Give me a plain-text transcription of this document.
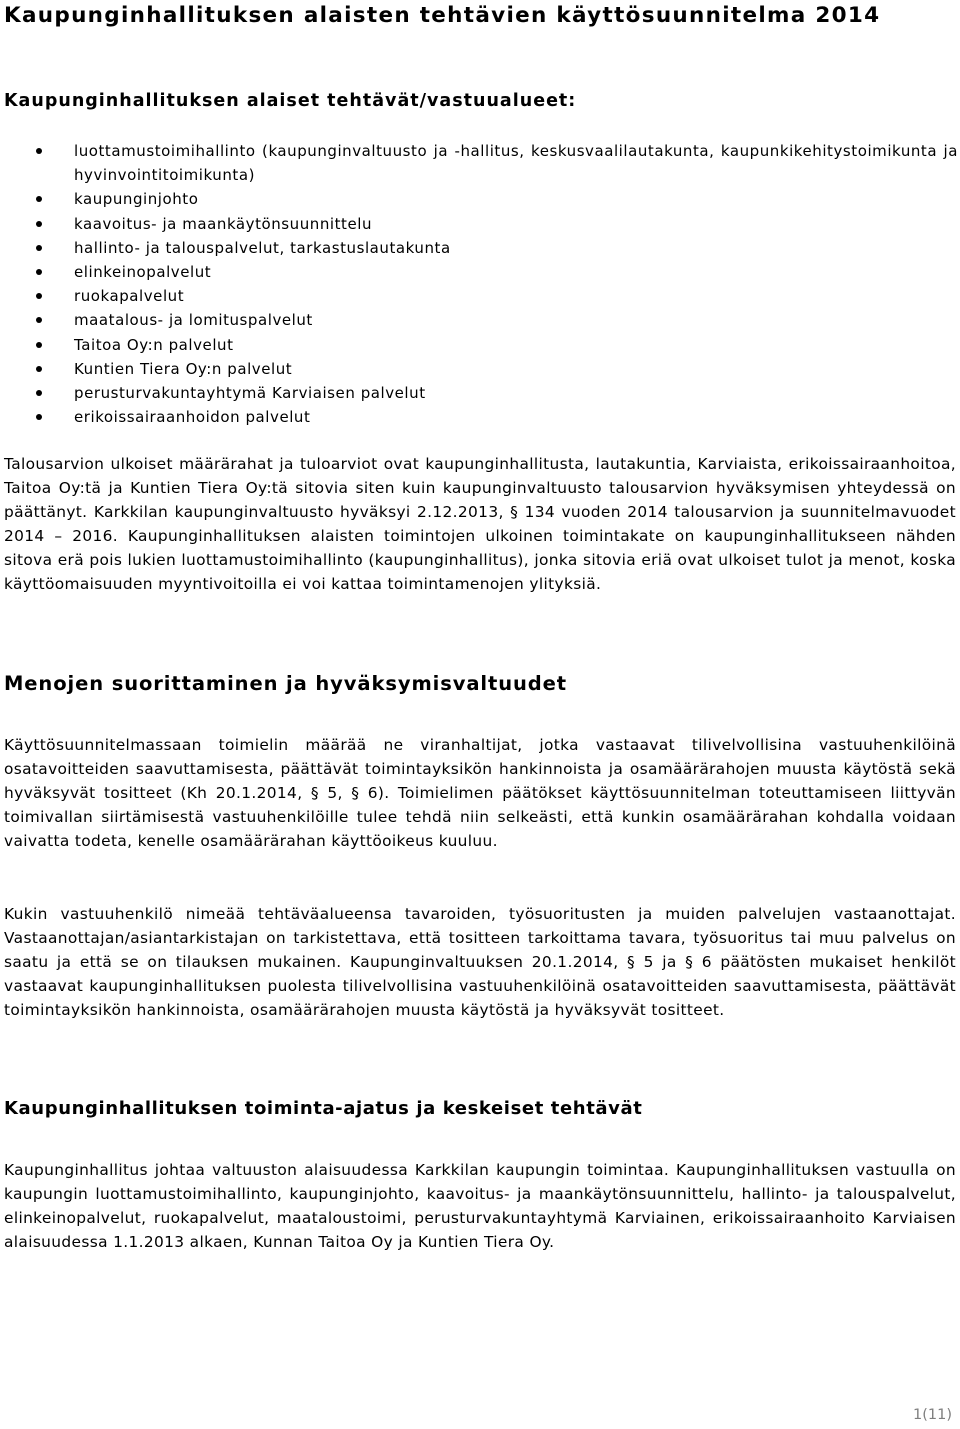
Kaupunginhallituksen alaisten tehtävien käyttösuunnitelma 2014
Kaupunginhallituksen alaiset tehtävät/vastuualueet:
luottamustoimihallinto (kaupunginvaltuusto ja -hallitus, keskusvaalilautakunta, kaupunkikehitystoimikunta ja hyvinvointitoimikunta)
kaupunginjohto
kaavoitus- ja maankäytönsuunnittelu
hallinto- ja talouspalvelut, tarkastuslautakunta
elinkeinopalvelut
ruokapalvelut
maatalous- ja lomituspalvelut
Taitoa Oy:n palvelut
Kuntien Tiera Oy:n palvelut
perusturvakuntayhtymä Karviaisen palvelut
erikoissairaanhoidon palvelut

Talousarvion ulkoiset määrärahat ja tuloarviot ovat kaupunginhallitusta, lautakuntia, Karviaista, erikoissairaanhoitoa, Taitoa Oy:tä ja Kuntien Tiera Oy:tä sitovia siten kuin kaupunginvaltuusto talousarvion hyväksymisen yhteydessä on päättänyt. Karkkilan kaupunginvaltuusto hyväksyi 2.12.2013, § 134 vuoden 2014 talousarvion ja suunnitelmavuodet 2014 – 2016. Kaupunginhallituksen alaisten toimintojen ulkoinen toimintakate on kaupunginhallitukseen nähden sitova erä pois lukien luottamustoimihallinto (kaupunginhallitus), jonka sitovia eriä ovat ulkoiset tulot ja menot, koska käyttöomaisuuden myyntivoitoilla ei voi kattaa toimintamenojen ylityksiä.

Menojen suorittaminen ja hyväksymisvaltuudet

Käyttösuunnitelmassaan toimielin määrää ne viranhaltijat, jotka vastaavat tilivelvollisina vastuuhenkilöinä osatavoitteiden saavuttamisesta, päättävät toimintayksikön hankinnoista ja osamäärärahojen muusta käytöstä sekä hyväksyvät tositteet (Kh 20.1.2014, § 5, § 6). Toimielimen päätökset käyttösuunnitelman toteuttamiseen liittyvän toimivallan siirtämisestä vastuuhenkilöille tulee tehdä niin selkeästi, että kunkin osamäärärahan kohdalla voidaan vaivatta todeta, kenelle osamäärärahan käyttöoikeus kuuluu.

Kukin vastuuhenkilö nimeää tehtäväalueensa tavaroiden, työsuoritusten ja muiden palvelujen vastaanottajat. Vastaanottajan/asiantarkistajan on tarkistettava, että tositteen tarkoittama tavara, työsuoritus tai muu palvelus on saatu ja että se on tilauksen mukainen. Kaupunginvaltuuksen 20.1.2014, § 5 ja § 6 päätösten mukaiset henkilöt vastaavat kaupunginhallituksen puolesta tilivelvollisina vastuuhenkilöinä osatavoitteiden saavuttamisesta, päättävät toimintayksikön hankinnoista, osamäärärahojen muusta käytöstä ja hyväksyvät tositteet.

Kaupunginhallituksen toiminta-ajatus ja keskeiset tehtävät

Kaupunginhallitus johtaa valtuuston alaisuudessa Karkkilan kaupungin toimintaa. Kaupunginhallituksen vastuulla on kaupungin luottamustoimihallinto, kaupunginjohto, kaavoitus- ja maankäytönsuunnittelu, hallinto- ja talouspalvelut, elinkeinopalvelut, ruokapalvelut, maataloustoimi, perusturvakuntayhtymä Karviainen, erikoissairaanhoito Karviaisen alaisuudessa 1.1.2013 alkaen, Kunnan Taitoa Oy ja Kuntien Tiera Oy.

1(11)
